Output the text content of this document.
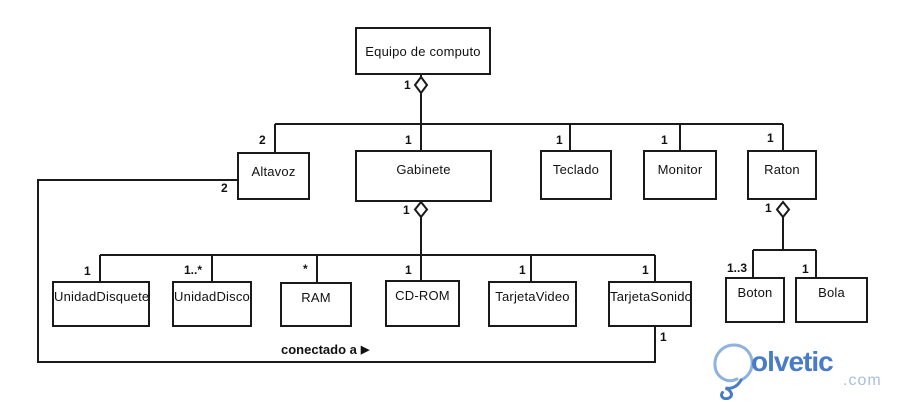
Equipo de computo
Altavoz	Gabinete	Teclado	Monitor	Raton
UnidadDisquete UnidadDisco	RAM	CD-ROM	TarjetaVideo	TarjetaSonido	Boton	Bola
1
2	1	1	1	1
1	1
1	1..*	*	1	1	1	1..3	1
2
1
conectado a ▶	olvetic
.com
